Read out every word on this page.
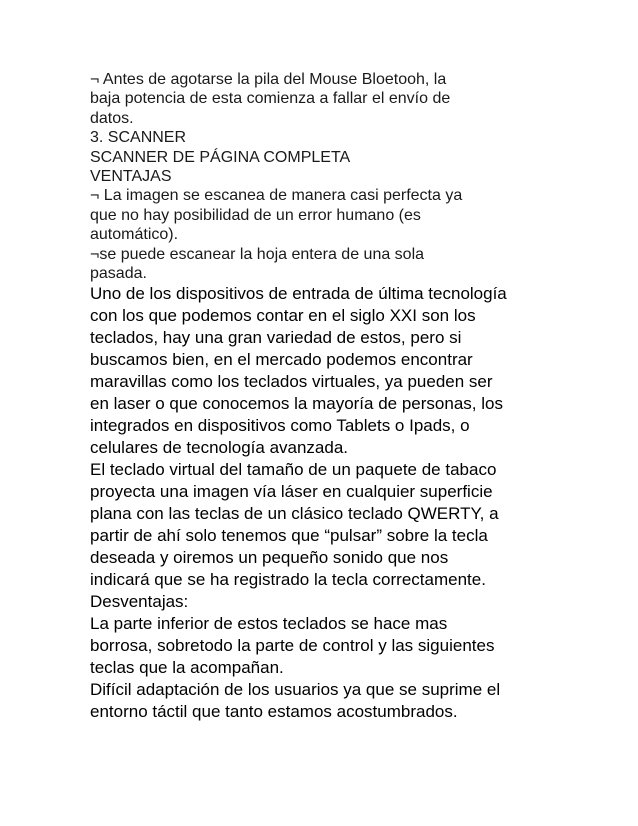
¬ Antes de agotarse la pila del Mouse Bloetooh, la
baja potencia de esta comienza a fallar el envío de
datos.
3. SCANNER
SCANNER DE PÁGINA COMPLETA
VENTAJAS
¬ La imagen se escanea de manera casi perfecta ya
que no hay posibilidad de un error humano (es
automático).
¬se puede escanear la hoja entera de una sola
pasada.
Uno de los dispositivos de entrada de última tecnología
con los que podemos contar en el siglo XXI son los
teclados, hay una gran variedad de estos, pero si
buscamos bien, en el mercado podemos encontrar
maravillas como los teclados virtuales, ya pueden ser
en laser o que conocemos la mayoría de personas, los
integrados en dispositivos como Tablets o Ipads, o
celulares de tecnología avanzada.
El teclado virtual del tamaño de un paquete de tabaco
proyecta una imagen vía láser en cualquier superficie
plana con las teclas de un clásico teclado QWERTY, a
partir de ahí solo tenemos que “pulsar” sobre la tecla
deseada y oiremos un pequeño sonido que nos
indicará que se ha registrado la tecla correctamente.
Desventajas:
La parte inferior de estos teclados se hace mas
borrosa, sobretodo la parte de control y las siguientes
teclas que la acompañan.
Difícil adaptación de los usuarios ya que se suprime el
entorno táctil que tanto estamos acostumbrados.
